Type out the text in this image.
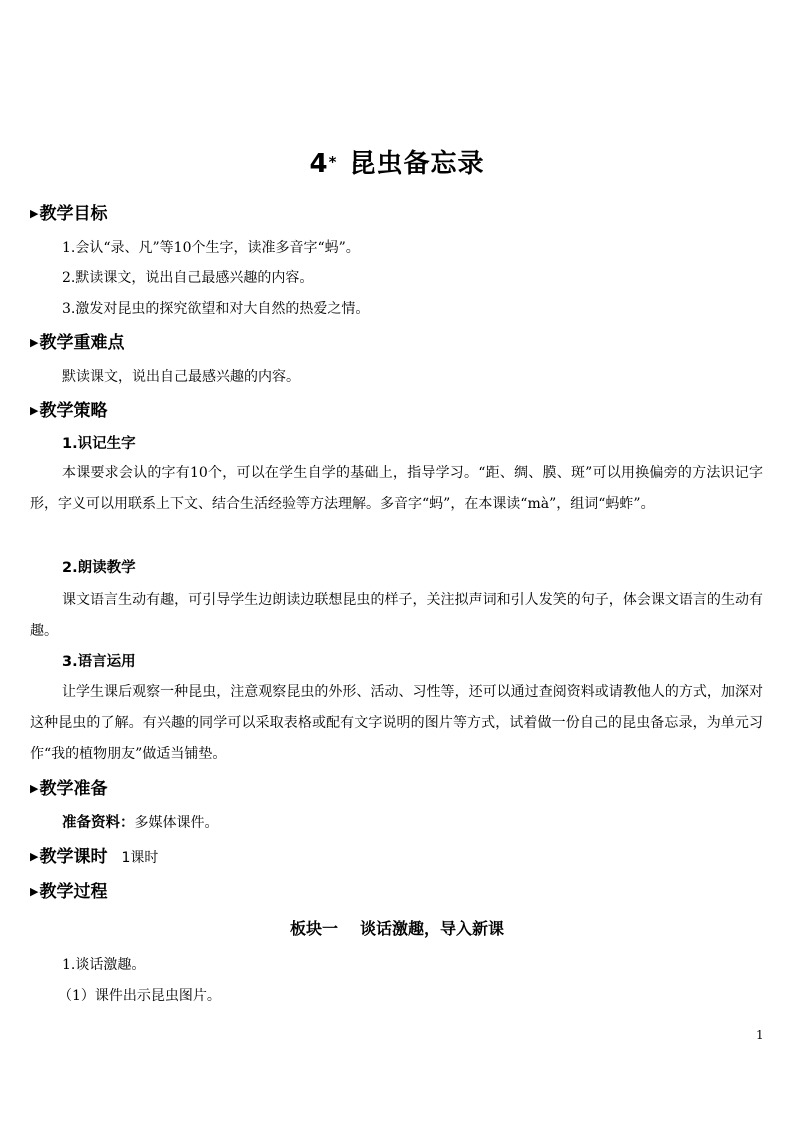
4* 昆虫备忘录
▶教学目标
1.会认“录、凡”等10个生字，读准多音字“蚂”。
2.默读课文，说出自己最感兴趣的内容。
3.激发对昆虫的探究欲望和对大自然的热爱之情。
▶教学重难点
默读课文，说出自己最感兴趣的内容。
▶教学策略
1.识记生字
本课要求会认的字有10个，可以在学生自学的基础上，指导学习。“距、绸、膜、斑”可以用换偏旁的方法识记字形，字义可以用联系上下文、结合生活经验等方法理解。多音字“蚂”，在本课读“mà”，组词“蚂蚱”。
2.朗读教学
课文语言生动有趣，可引导学生边朗读边联想昆虫的样子，关注拟声词和引人发笑的句子，体会课文语言的生动有趣。
3.语言运用
让学生课后观察一种昆虫，注意观察昆虫的外形、活动、习性等，还可以通过查阅资料或请教他人的方式，加深对这种昆虫的了解。有兴趣的同学可以采取表格或配有文字说明的图片等方式，试着做一份自己的昆虫备忘录，为单元习作“我的植物朋友”做适当铺垫。
▶教学准备
准备资料：多媒体课件。
▶教学课时 1课时
▶教学过程
板块一 谈话激趣，导入新课
1.谈话激趣。
（1）课件出示昆虫图片。
1
